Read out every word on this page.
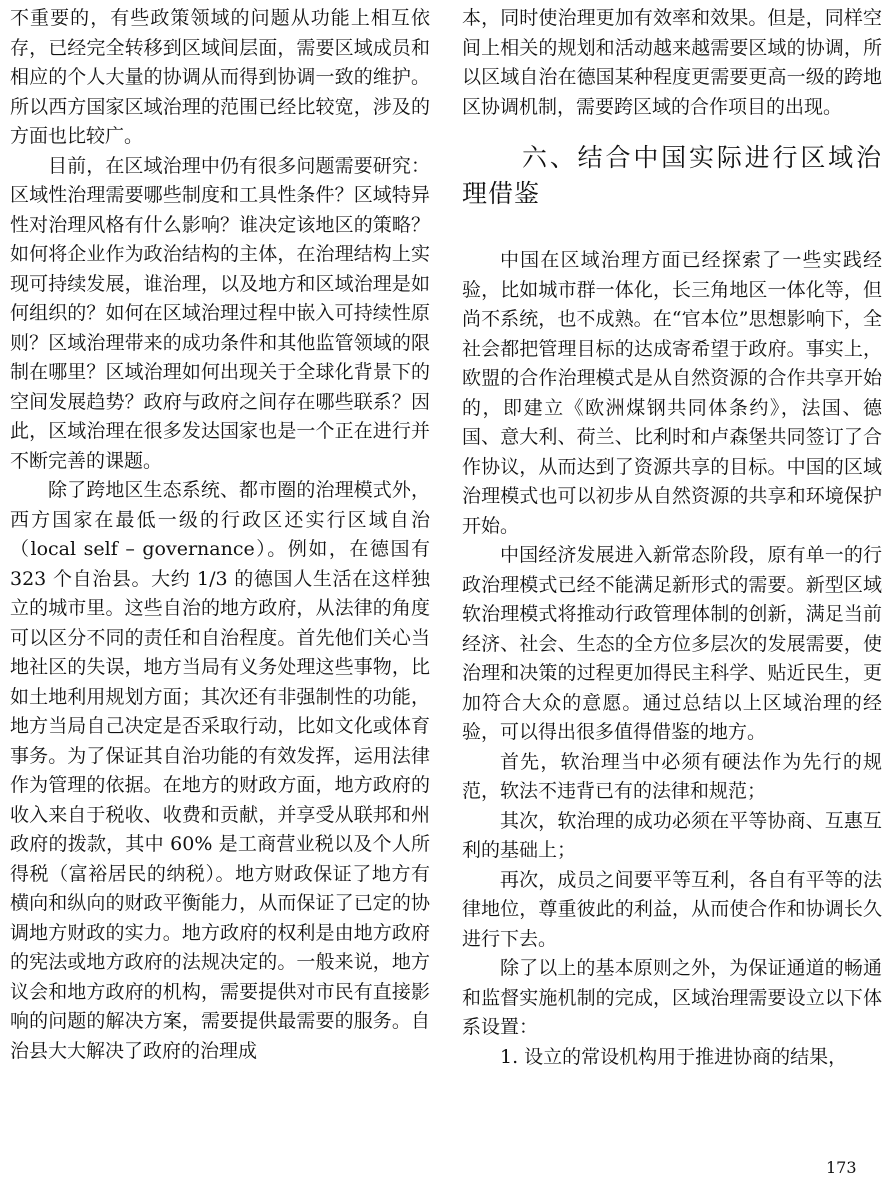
不重要的，有些政策领域的问题从功能上相互依存，已经完全转移到区域间层面，需要区域成员和相应的个人大量的协调从而得到协调一致的维护。所以西方国家区域治理的范围已经比较宽，涉及的方面也比较广。

目前，在区域治理中仍有很多问题需要研究：区域性治理需要哪些制度和工具性条件？区域特异性对治理风格有什么影响？谁决定该地区的策略？如何将企业作为政治结构的主体，在治理结构上实现可持续发展，谁治理，以及地方和区域治理是如何组织的？如何在区域治理过程中嵌入可持续性原则？区域治理带来的成功条件和其他监管领域的限制在哪里？区域治理如何出现关于全球化背景下的空间发展趋势？政府与政府之间存在哪些联系？因此，区域治理在很多发达国家也是一个正在进行并不断完善的课题。

除了跨地区生态系统、都市圈的治理模式外，西方国家在最低一级的行政区还实行区域自治（local self – governance）。例如，在德国有 323 个自治县。大约 1/3 的德国人生活在这样独立的城市里。这些自治的地方政府，从法律的角度可以区分不同的责任和自治程度。首先他们关心当地社区的失误，地方当局有义务处理这些事物，比如土地利用规划方面；其次还有非强制性的功能，地方当局自己决定是否采取行动，比如文化或体育事务。为了保证其自治功能的有效发挥，运用法律作为管理的依据。在地方的财政方面，地方政府的收入来自于税收、收费和贡献，并享受从联邦和州政府的拨款，其中 60% 是工商营业税以及个人所得税（富裕居民的纳税）。地方财政保证了地方有横向和纵向的财政平衡能力，从而保证了已定的协调地方财政的实力。地方政府的权利是由地方政府的宪法或地方政府的法规决定的。一般来说，地方议会和地方政府的机构，需要提供对市民有直接影响的问题的解决方案，需要提供最需要的服务。自治县大大解决了政府的治理成

本，同时使治理更加有效率和效果。但是，同样空间上相关的规划和活动越来越需要区域的协调，所以区域自治在德国某种程度更需要更高一级的跨地区协调机制，需要跨区域的合作项目的出现。

六、结合中国实际进行区域治理借鉴

中国在区域治理方面已经探索了一些实践经验，比如城市群一体化，长三角地区一体化等，但尚不系统，也不成熟。在“官本位”思想影响下，全社会都把管理目标的达成寄希望于政府。事实上，欧盟的合作治理模式是从自然资源的合作共享开始的，即建立《欧洲煤钢共同体条约》，法国、德国、意大利、荷兰、比利时和卢森堡共同签订了合作协议，从而达到了资源共享的目标。中国的区域治理模式也可以初步从自然资源的共享和环境保护开始。

中国经济发展进入新常态阶段，原有单一的行政治理模式已经不能满足新形式的需要。新型区域软治理模式将推动行政管理体制的创新，满足当前经济、社会、生态的全方位多层次的发展需要，使治理和决策的过程更加得民主科学、贴近民生，更加符合大众的意愿。通过总结以上区域治理的经验，可以得出很多值得借鉴的地方。

首先，软治理当中必须有硬法作为先行的规范，软法不违背已有的法律和规范；

其次，软治理的成功必须在平等协商、互惠互利的基础上；

再次，成员之间要平等互利，各自有平等的法律地位，尊重彼此的利益，从而使合作和协调长久进行下去。

除了以上的基本原则之外，为保证通道的畅通和监督实施机制的完成，区域治理需要设立以下体系设置：

1. 设立的常设机构用于推进协商的结果，

173
